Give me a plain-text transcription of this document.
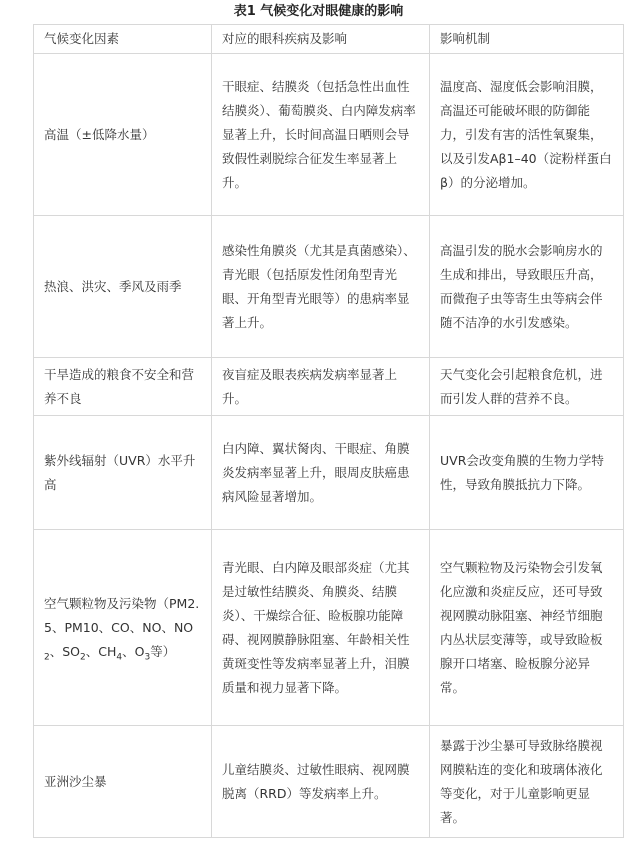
表1 气候变化对眼健康的影响
气候变化因素	对应的眼科疾病及影响	影响机制
高温（±低降水量）	干眼症、结膜炎（包括急性出血性结膜炎）、葡萄膜炎、白内障发病率显著上升，长时间高温日晒则会导致假性剥脱综合征发生率显著上升。	温度高、湿度低会影响泪膜，高温还可能破坏眼的防御能力，引发有害的活性氧聚集，以及引发Aβ1–40（淀粉样蛋白 β）的分泌增加。
热浪、洪灾、季风及雨季	感染性角膜炎（尤其是真菌感染）、青光眼（包括原发性闭角型青光眼、开角型青光眼等）的患病率显著上升。	高温引发的脱水会影响房水的生成和排出，导致眼压升高，而微孢子虫等寄生虫等病会伴随不洁净的水引发感染。
干旱造成的粮食不安全和营养不良	夜盲症及眼表疾病发病率显著上升。	天气变化会引起粮食危机，进而引发人群的营养不良。
紫外线辐射（UVR）水平升高	白内障、翼状胬肉、干眼症、角膜炎发病率显著上升，眼周皮肤癌患病风险显著增加。	UVR会改变角膜的生物力学特性，导致角膜抵抗力下降。
空气颗粒物及污染物（PM2.5、PM10、CO、NO、$NO_2$、$SO_2$、$CH_4$、$O_3$等）	青光眼、白内障及眼部炎症（尤其是过敏性结膜炎、角膜炎、结膜炎）、干燥综合征、睑板腺功能障碍、视网膜静脉阻塞、年龄相关性黄斑变性等发病率显著上升，泪膜质量和视力显著下降。	空气颗粒物及污染物会引发氧化应激和炎症反应，还可导致视网膜动脉阻塞、神经节细胞内丛状层变薄等，或导致睑板腺开口堵塞、睑板腺分泌异常。
亚洲沙尘暴	儿童结膜炎、过敏性眼病、视网膜脱离（RRD）等发病率上升。	暴露于沙尘暴可导致脉络膜视网膜粘连的变化和玻璃体液化等变化，对于儿童影响更显著。
